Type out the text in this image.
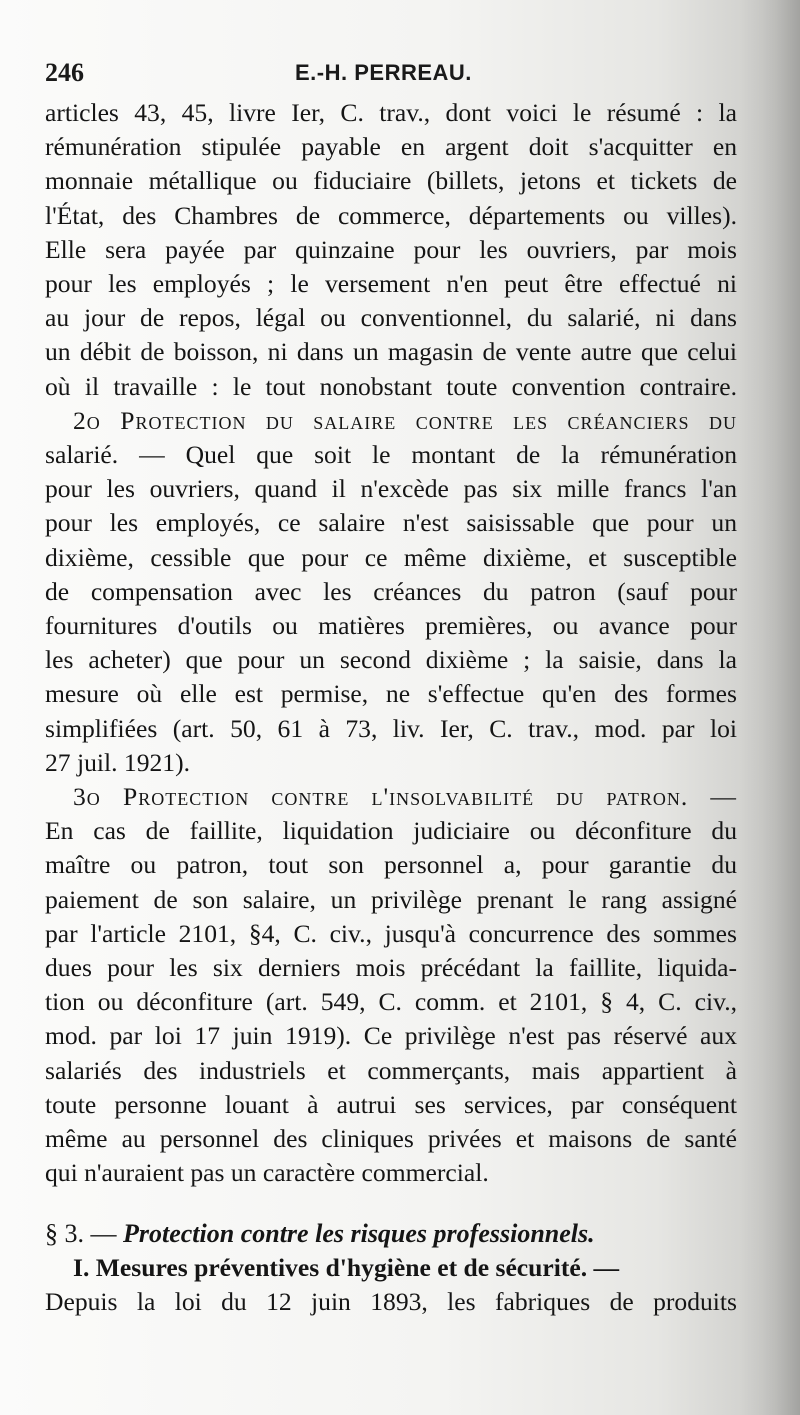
246	E.-H. PERREAU.

articles 43, 45, livre Ier, C. trav., dont voici le résumé : la
rémunération stipulée payable en argent doit s'acquitter en
monnaie métallique ou fiduciaire (billets, jetons et tickets de
l'État, des Chambres de commerce, départements ou villes).
Elle sera payée par quinzaine pour les ouvriers, par mois
pour les employés ; le versement n'en peut être effectué ni
au jour de repos, légal ou conventionnel, du salarié, ni dans
un débit de boisson, ni dans un magasin de vente autre que celui
où il travaille : le tout nonobstant toute convention contraire.

2o Protection du salaire contre les créanciers du
salarié. — Quel que soit le montant de la rémunération
pour les ouvriers, quand il n'excède pas six mille francs l'an
pour les employés, ce salaire n'est saisissable que pour un
dixième, cessible que pour ce même dixième, et susceptible
de compensation avec les créances du patron (sauf pour
fournitures d'outils ou matières premières, ou avance pour
les acheter) que pour un second dixième ; la saisie, dans la
mesure où elle est permise, ne s'effectue qu'en des formes
simplifiées (art. 50, 61 à 73, liv. Ier, C. trav., mod. par loi
27 juil. 1921).

3o Protection contre l'insolvabilité du patron. —
En cas de faillite, liquidation judiciaire ou déconfiture du
maître ou patron, tout son personnel a, pour garantie du
paiement de son salaire, un privilège prenant le rang assigné
par l'article 2101, §4, C. civ., jusqu'à concurrence des sommes
dues pour les six derniers mois précédant la faillite, liquida-
tion ou déconfiture (art. 549, C. comm. et 2101, § 4, C. civ.,
mod. par loi 17 juin 1919). Ce privilège n'est pas réservé aux
salariés des industriels et commerçants, mais appartient à
toute personne louant à autrui ses services, par conséquent
même au personnel des cliniques privées et maisons de santé
qui n'auraient pas un caractère commercial.

§ 3. — Protection contre les risques professionnels.

I. Mesures préventives d'hygiène et de sécurité. —
Depuis la loi du 12 juin 1893, les fabriques de produits
